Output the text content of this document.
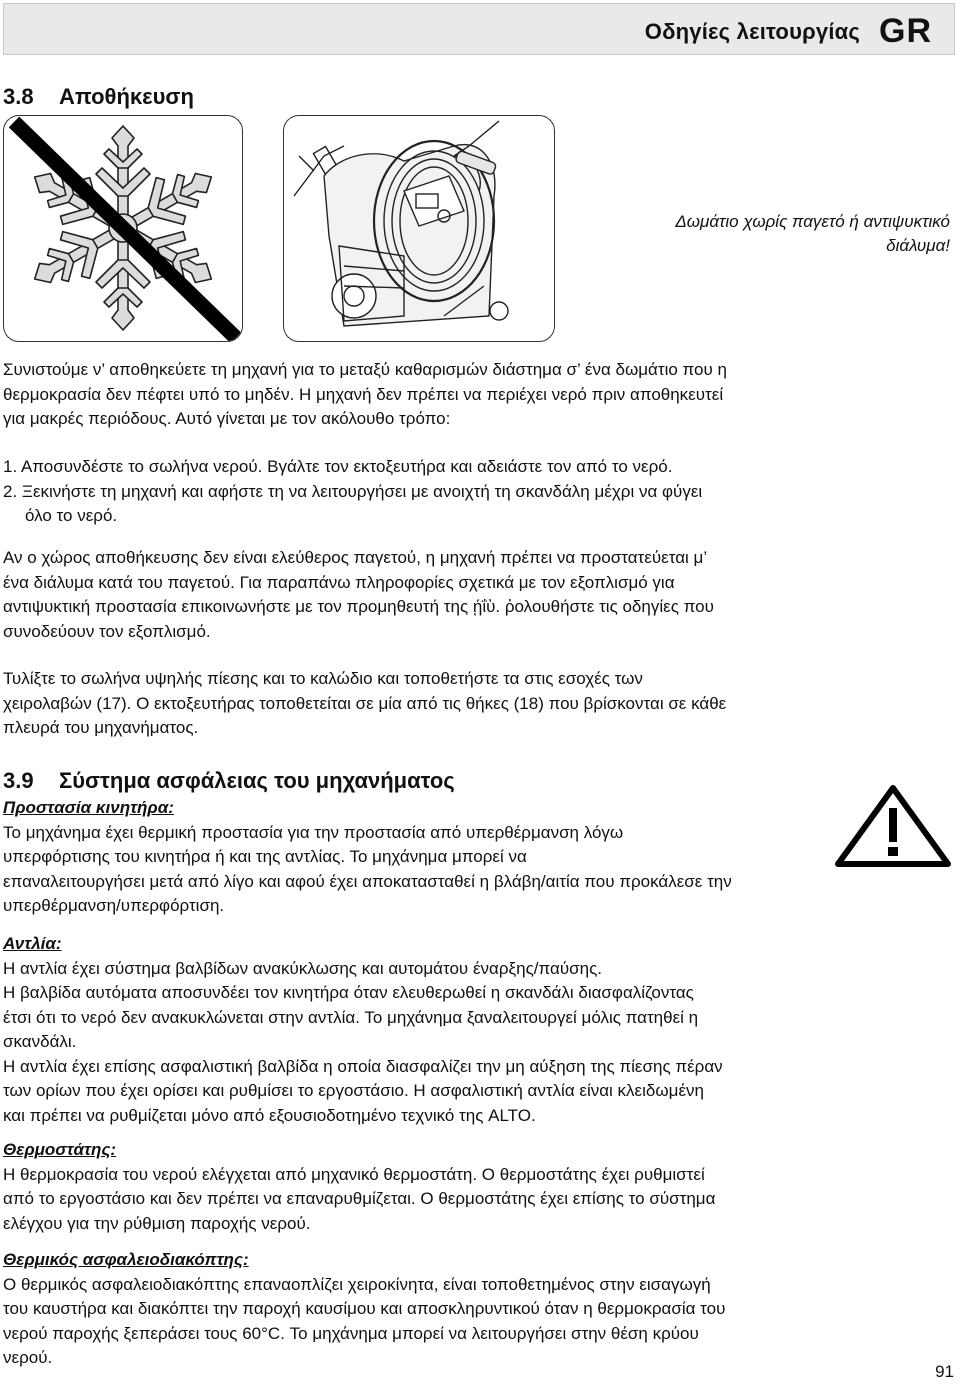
Οδηγίες λειτουργίας GR
3.8 Αποθήκευση
Δωμάτιο χωρίς παγετό ή αντιψυκτικό
διάλυμα!
Συνιστούμε ν’ αποθηκεύετε τη μηχανή για το μεταξύ καθαρισμών διάστημα σ’ ένα δωμάτιο που η
θερμοκρασία δεν πέφτει υπό το μηδέν. Η μηχανή δεν πρέπει να περιέχει νερό πριν αποθηκευτεί
για μακρές περιόδους. Αυτό γίνεται με τον ακόλουθο τρόπο:
1. Αποσυνδέστε το σωλήνα νερού. Βγάλτε τον εκτοξευτήρα και αδειάστε τον από το νερό.
2. Ξεκινήστε τη μηχανή και αφήστε τη να λειτουργήσει με ανοιχτή τη σκανδάλη μέχρι να φύγει
όλο το νερό.
Αν ο χώρος αποθήκευσης δεν είναι ελεύθερος παγετού, η μηχανή πρέπει να προστατεύεται μ’
ένα διάλυμα κατά του παγετού. Για παραπάνω πληροφορίες σχετικά με τον εξοπλισμό για
αντιψυκτική προστασία επικοινωνήστε με τον προμηθευτή της ῄΐὺ. ῤολουθήστε τις οδηγίες που
συνοδεύουν τον εξοπλισμό.
Τυλίξτε το σωλήνα υψηλής πίεσης και το καλώδιο και τοποθετήστε τα στις εσοχές των
χειρολαβών (17). Ο εκτοξευτήρας τοποθετείται σε μία από τις θήκες (18) που βρίσκονται σε κάθε
πλευρά του μηχανήματος.
3.9 Σύστημα ασφάλειας του μηχανήματος
Προστασία κινητήρα:
Το μηχάνημα έχει θερμική προστασία για την προστασία από υπερθέρμανση λόγω
υπερφόρτισης του κινητήρα ή και της αντλίας. Το μηχάνημα μπορεί να
επαναλειτουργήσει μετά από λίγο και αφού έχει αποκατασταθεί η βλάβη/αιτία που προκάλεσε την
υπερθέρμανση/υπερφόρτιση.
Αντλία:
Η αντλία έχει σύστημα βαλβίδων ανακύκλωσης και αυτομάτου έναρξης/παύσης.
Η βαλβίδα αυτόματα αποσυνδέει τον κινητήρα όταν ελευθερωθεί η σκανδάλι διασφαλίζοντας
έτσι ότι το νερό δεν ανακυκλώνεται στην αντλία. Το μηχάνημα ξαναλειτουργεί μόλις πατηθεί η
σκανδάλι.
Η αντλία έχει επίσης ασφαλιστική βαλβίδα η οποία διασφαλίζει την μη αύξηση της πίεσης πέραν
των ορίων που έχει ορίσει και ρυθμίσει το εργοστάσιο. Η ασφαλιστική αντλία είναι κλειδωμένη
και πρέπει να ρυθμίζεται μόνο από εξουσιοδοτημένο τεχνικό της ALTO.
Θερμοστάτης:
Η θερμοκρασία του νερού ελέγχεται από μηχανικό θερμοστάτη. Ο θερμοστάτης έχει ρυθμιστεί
από το εργοστάσιο και δεν πρέπει να επαναρυθμίζεται. Ο θερμοστάτης έχει επίσης το σύστημα
ελέγχου για την ρύθμιση παροχής νερού.
Θερμικός ασφαλειοδιακόπτης:
Ο θερμικός ασφαλειοδιακόπτης επαναοπλίζει χειροκίνητα, είναι τοποθετημένος στην εισαγωγή
του καυστήρα και διακόπτει την παροχή καυσίμου και αποσκληρυντικού όταν η θερμοκρασία του
νερού παροχής ξεπεράσει τους 60°C. Το μηχάνημα μπορεί να λειτουργήσει στην θέση κρύου
νερού.
91
